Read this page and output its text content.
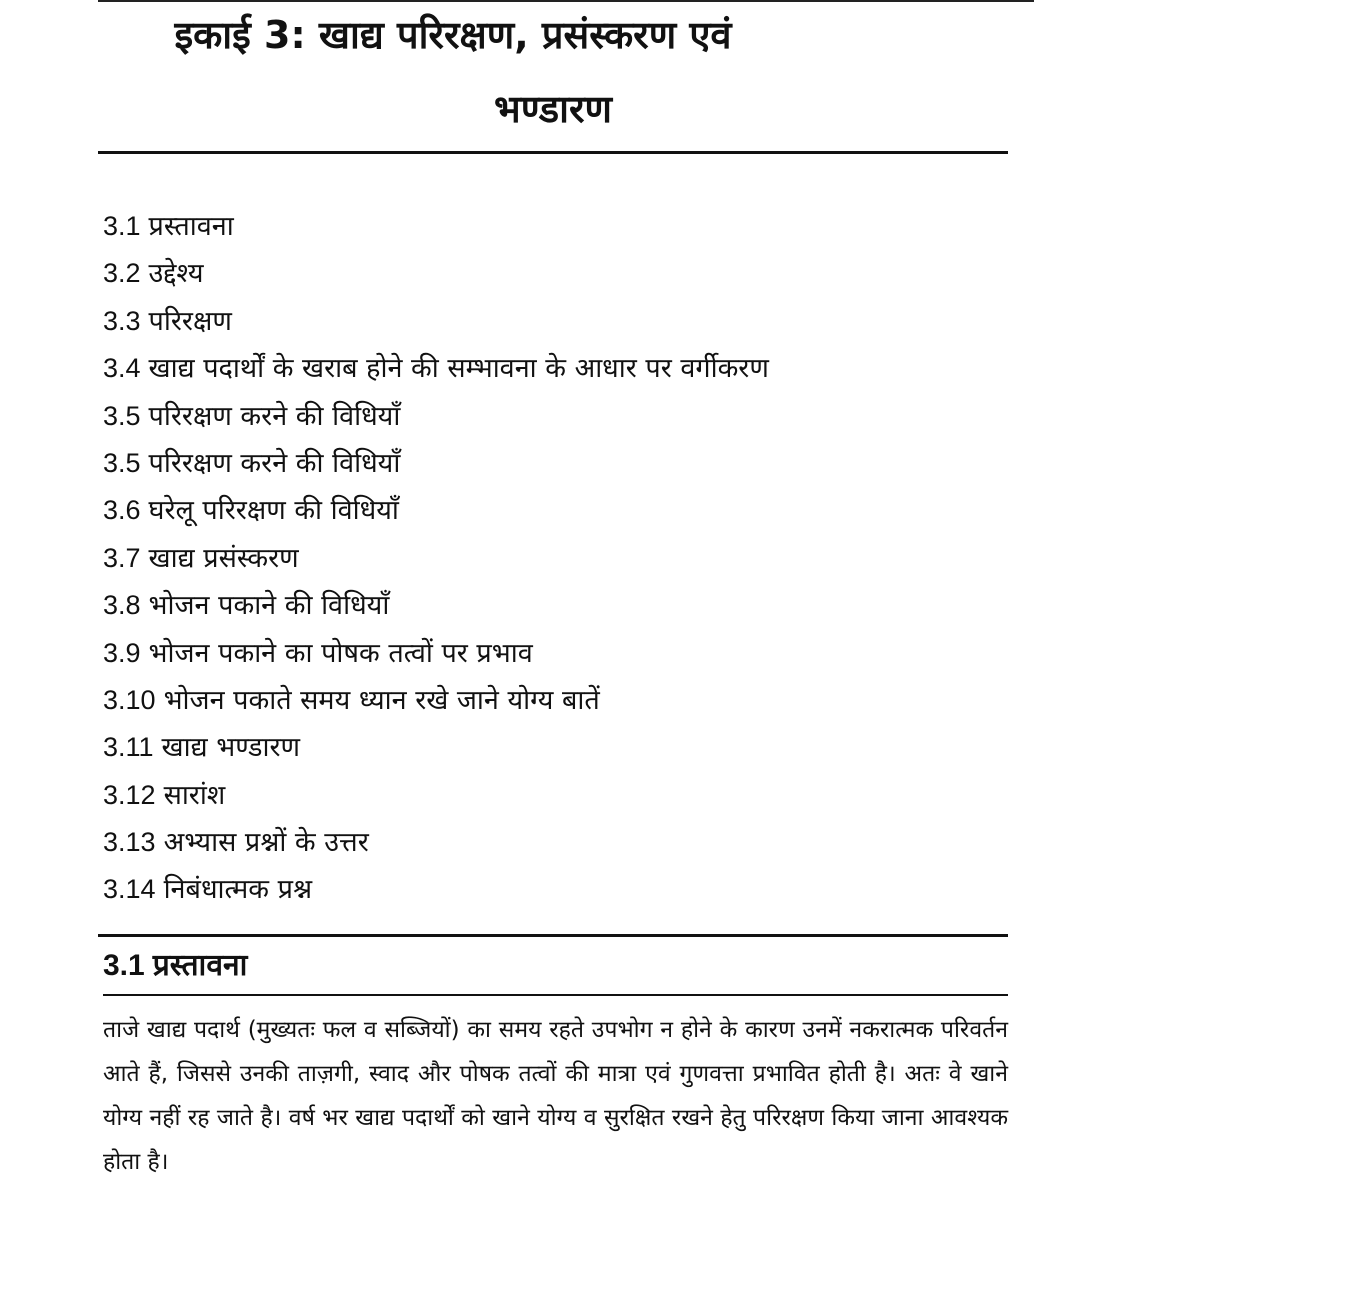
इकाई 3: खाद्य परिरक्षण, प्रसंस्करण एवं
भण्डारण
3.1 प्रस्तावना
3.2 उद्देश्य
3.3 परिरक्षण
3.4 खाद्य पदार्थों के खराब होने की सम्भावना के आधार पर वर्गीकरण
3.5 परिरक्षण करने की विधियाँ
3.5 परिरक्षण करने की विधियाँ
3.6 घरेलू परिरक्षण की विधियाँ
3.7 खाद्य प्रसंस्करण
3.8 भोजन पकाने की विधियाँ
3.9 भोजन पकाने का पोषक तत्वों पर प्रभाव
3.10 भोजन पकाते समय ध्यान रखे जाने योग्य बातें
3.11 खाद्य भण्डारण
3.12 सारांश
3.13 अभ्यास प्रश्नों के उत्तर
3.14 निबंधात्मक प्रश्न
3.1 प्रस्तावना

ताजे खाद्य पदार्थ (मुख्यतः फल व सब्जियों) का समय रहते उपभोग न होने के कारण उनमें नकरात्मक परिवर्तन आते हैं, जिससे उनकी ताज़गी, स्वाद और पोषक तत्वों की मात्रा एवं गुणवत्ता प्रभावित होती है। अतः वे खाने योग्य नहीं रह जाते है। वर्ष भर खाद्य पदार्थों को खाने योग्य व सुरक्षित रखने हेतु परिरक्षण किया जाना आवश्यक होता है।
